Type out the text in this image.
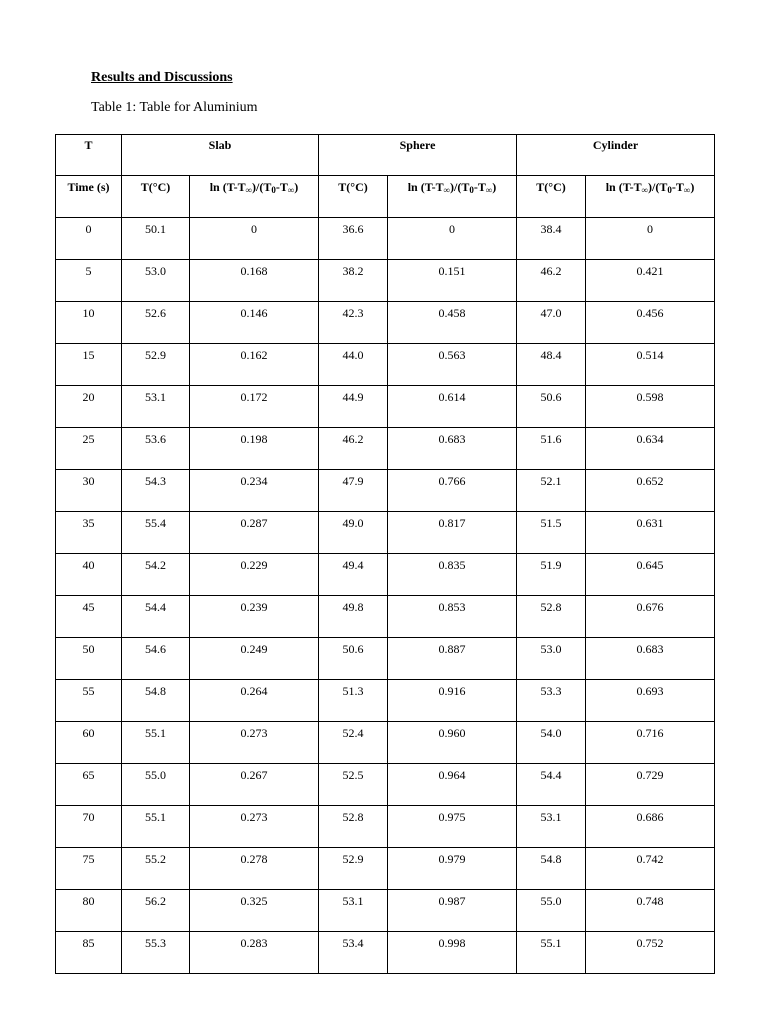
Results and Discussions
Table 1: Table for Aluminium
T	Slab		Sphere		Cylinder	
Time (s)	T(°C)	$\ln (T-T_\infty)/(T_0-T_\infty)$	T(°C)	$\ln (T-T_\infty)/(T_0-T_\infty)$	T(°C)	$\ln (T-T_\infty)/(T_0-T_\infty)$
0	50.1	0	36.6	0	38.4	0
5	53.0	0.168	38.2	0.151	46.2	0.421
10	52.6	0.146	42.3	0.458	47.0	0.456
15	52.9	0.162	44.0	0.563	48.4	0.514
20	53.1	0.172	44.9	0.614	50.6	0.598
25	53.6	0.198	46.2	0.683	51.6	0.634
30	54.3	0.234	47.9	0.766	52.1	0.652
35	55.4	0.287	49.0	0.817	51.5	0.631
40	54.2	0.229	49.4	0.835	51.9	0.645
45	54.4	0.239	49.8	0.853	52.8	0.676
50	54.6	0.249	50.6	0.887	53.0	0.683
55	54.8	0.264	51.3	0.916	53.3	0.693
60	55.1	0.273	52.4	0.960	54.0	0.716
65	55.0	0.267	52.5	0.964	54.4	0.729
70	55.1	0.273	52.8	0.975	53.1	0.686
75	55.2	0.278	52.9	0.979	54.8	0.742
80	56.2	0.325	53.1	0.987	55.0	0.748
85	55.3	0.283	53.4	0.998	55.1	0.752
